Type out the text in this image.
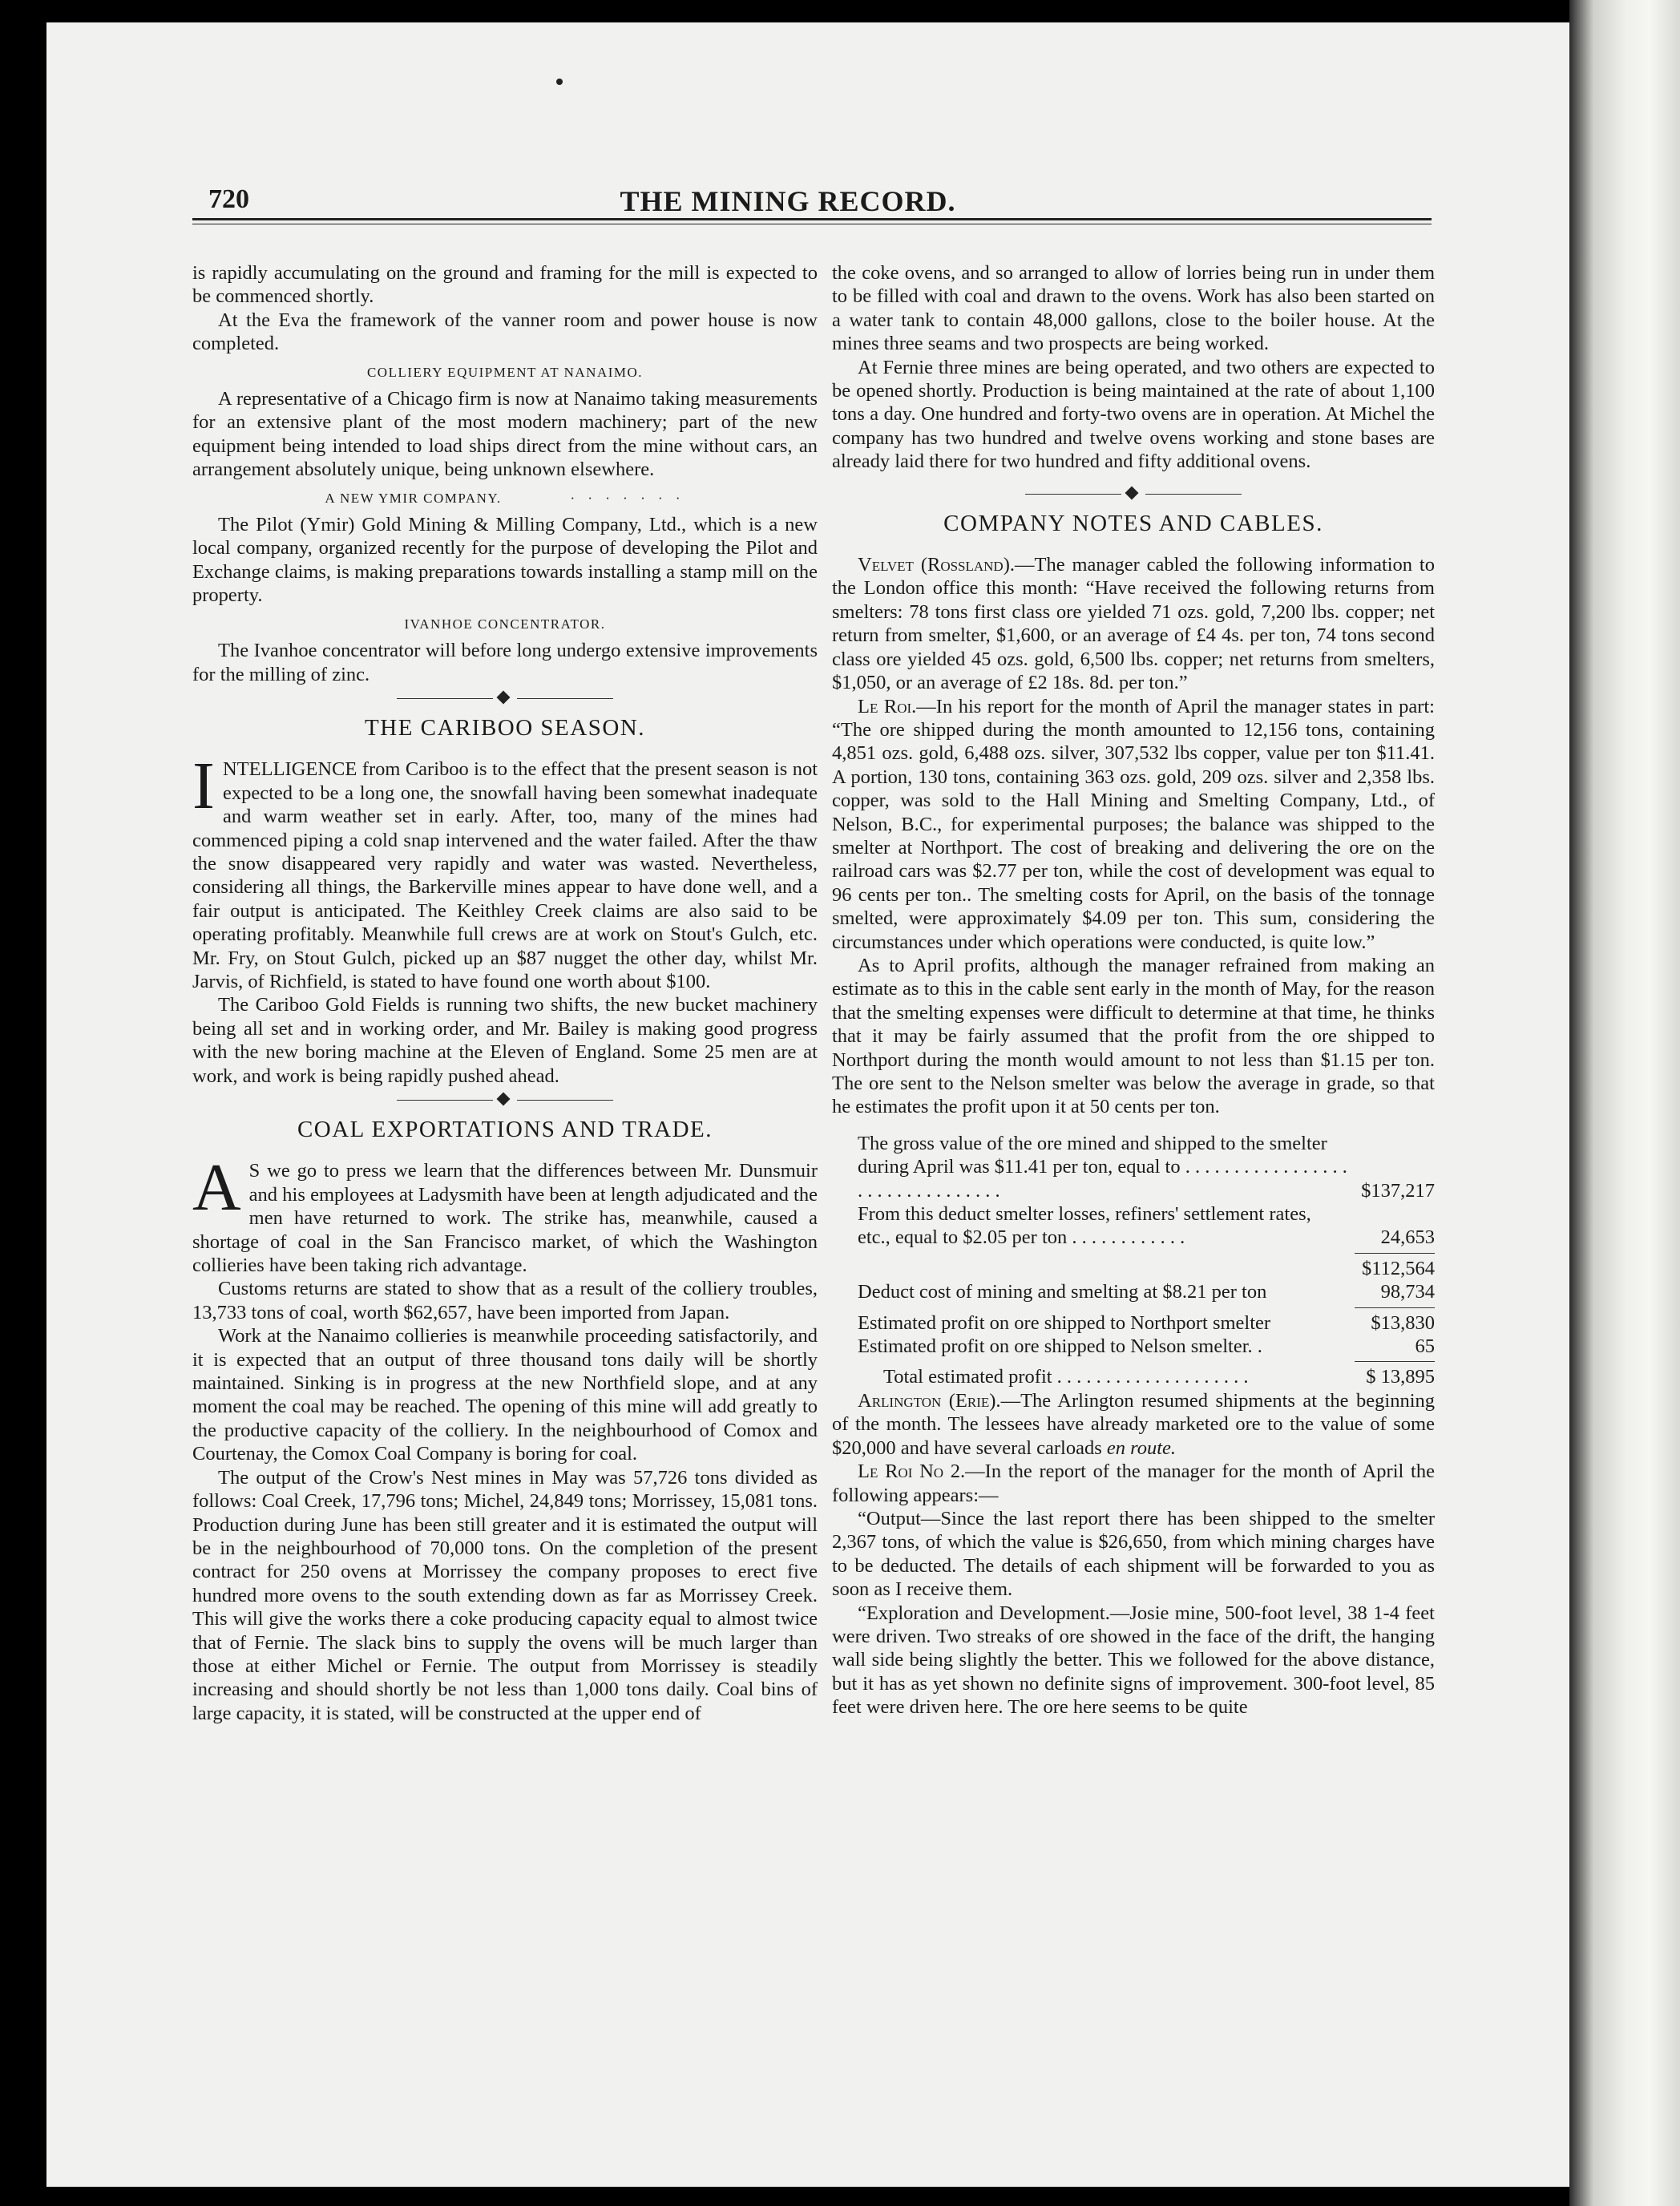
720	THE MINING RECORD.

is rapidly accumulating on the ground and framing for the mill is expected to be commenced shortly.

At the Eva the framework of the vanner room and power house is now completed.

COLLIERY EQUIPMENT AT NANAIMO.

A representative of a Chicago firm is now at Nanaimo taking measurements for an extensive plant of the most modern machinery; part of the new equipment being intended to load ships direct from the mine without cars, an arrangement absolutely unique, being unknown elsewhere.

A NEW YMIR COMPANY.	· · · · · · ·

The Pilot (Ymir) Gold Mining & Milling Company, Ltd., which is a new local company, organized recently for the purpose of developing the Pilot and Exchange claims, is making preparations towards installing a stamp mill on the property.

IVANHOE CONCENTRATOR.

The Ivanhoe concentrator will before long undergo extensive improvements for the milling of zinc.

THE CARIBOO SEASON.

INTELLIGENCE from Cariboo is to the effect that the present season is not expected to be a long one, the snowfall having been somewhat inadequate and warm weather set in early. After, too, many of the mines had commenced piping a cold snap intervened and the water failed. After the thaw the snow disappeared very rapidly and water was wasted. Nevertheless, considering all things, the Barkerville mines appear to have done well, and a fair output is anticipated. The Keithley Creek claims are also said to be operating profitably. Meanwhile full crews are at work on Stout's Gulch, etc. Mr. Fry, on Stout Gulch, picked up an $87 nugget the other day, whilst Mr. Jarvis, of Richfield, is stated to have found one worth about $100.

The Cariboo Gold Fields is running two shifts, the new bucket machinery being all set and in working order, and Mr. Bailey is making good progress with the new boring machine at the Eleven of England. Some 25 men are at work, and work is being rapidly pushed ahead.

COAL EXPORTATIONS AND TRADE.

A S we go to press we learn that the differences between Mr. Dunsmuir and his employees at Ladysmith have been at length adjudicated and the men have returned to work. The strike has, meanwhile, caused a shortage of coal in the San Francisco market, of which the Washington collieries have been taking rich advantage.

Customs returns are stated to show that as a result of the colliery troubles, 13,733 tons of coal, worth $62,657, have been imported from Japan.

Work at the Nanaimo collieries is meanwhile proceeding satisfactorily, and it is expected that an output of three thousand tons daily will be shortly maintained. Sinking is in progress at the new Northfield slope, and at any moment the coal may be reached. The opening of this mine will add greatly to the productive capacity of the colliery. In the neighbourhood of Comox and Courtenay, the Comox Coal Company is boring for coal.

The output of the Crow's Nest mines in May was 57,726 tons divided as follows: Coal Creek, 17,796 tons; Michel, 24,849 tons; Morrissey, 15,081 tons. Production during June has been still greater and it is estimated the output will be in the neighbourhood of 70,000 tons. On the completion of the present contract for 250 ovens at Morrissey the company proposes to erect five hundred more ovens to the south extending down as far as Morrissey Creek. This will give the works there a coke producing capacity equal to almost twice that of Fernie. The slack bins to supply the ovens will be much larger than those at either Michel or Fernie. The output from Morrissey is steadily increasing and should shortly be not less than 1,000 tons daily. Coal bins of large capacity, it is stated, will be constructed at the upper end of

the coke ovens, and so arranged to allow of lorries being run in under them to be filled with coal and drawn to the ovens. Work has also been started on a water tank to contain 48,000 gallons, close to the boiler house. At the mines three seams and two prospects are being worked.

At Fernie three mines are being operated, and two others are expected to be opened shortly. Production is being maintained at the rate of about 1,100 tons a day. One hundred and forty-two ovens are in operation. At Michel the company has two hundred and twelve ovens working and stone bases are already laid there for two hundred and fifty additional ovens.

COMPANY NOTES AND CABLES.

Velvet (Rossland).—The manager cabled the following information to the London office this month: “Have received the following returns from smelters: 78 tons first class ore yielded 71 ozs. gold, 7,200 lbs. copper; net return from smelter, $1,600, or an average of £4 4s. per ton, 74 tons second class ore yielded 45 ozs. gold, 6,500 lbs. copper; net returns from smelters, $1,050, or an average of £2 18s. 8d. per ton.”

Le Roi.—In his report for the month of April the manager states in part: “The ore shipped during the month amounted to 12,156 tons, containing 4,851 ozs. gold, 6,488 ozs. silver, 307,532 lbs copper, value per ton $11.41. A portion, 130 tons, containing 363 ozs. gold, 209 ozs. silver and 2,358 lbs. copper, was sold to the Hall Mining and Smelting Company, Ltd., of Nelson, B.C., for experimental purposes; the balance was shipped to the smelter at Northport. The cost of breaking and delivering the ore on the railroad cars was $2.77 per ton, while the cost of development was equal to 96 cents per ton.. The smelting costs for April, on the basis of the tonnage smelted, were approximately $4.09 per ton. This sum, considering the circumstances under which operations were conducted, is quite low.”

As to April profits, although the manager refrained from making an estimate as to this in the cable sent early in the month of May, for the reason that the smelting expenses were difficult to determine at that time, he thinks that it may be fairly assumed that the profit from the ore shipped to Northport during the month would amount to not less than $1.15 per ton. The ore sent to the Nelson smelter was below the average in grade, so that he estimates the profit upon it at 50 cents per ton.

The gross value of the ore mined and shipped to the smelter during April was $11.41 per ton, equal to . . . . . . . . . . . . . . . . . . . . . . . . . . . . . . . .	$137,217
From this deduct smelter losses, refiners' settlement rates, etc., equal to $2.05 per ton . . . . . . . . . . . .	24,653
$112,564
Deduct cost of mining and smelting at $8.21 per ton	98,734
Estimated profit on ore shipped to Northport smelter	$13,830
Estimated profit on ore shipped to Nelson smelter. .	65
Total estimated profit . . . . . . . . . . . . . . . . . . . .	$ 13,895

Arlington (Erie).—The Arlington resumed shipments at the beginning of the month. The lessees have already marketed ore to the value of some $20,000 and have several carloads en route.

Le Roi No 2.—In the report of the manager for the month of April the following appears:—

“Output—Since the last report there has been shipped to the smelter 2,367 tons, of which the value is $26,650, from which mining charges have to be deducted. The details of each shipment will be forwarded to you as soon as I receive them.

“Exploration and Development.—Josie mine, 500-foot level, 38 1-4 feet were driven. Two streaks of ore showed in the face of the drift, the hanging wall side being slightly the better. This we followed for the above distance, but it has as yet shown no definite signs of improvement. 300-foot level, 85 feet were driven here. The ore here seems to be quite
